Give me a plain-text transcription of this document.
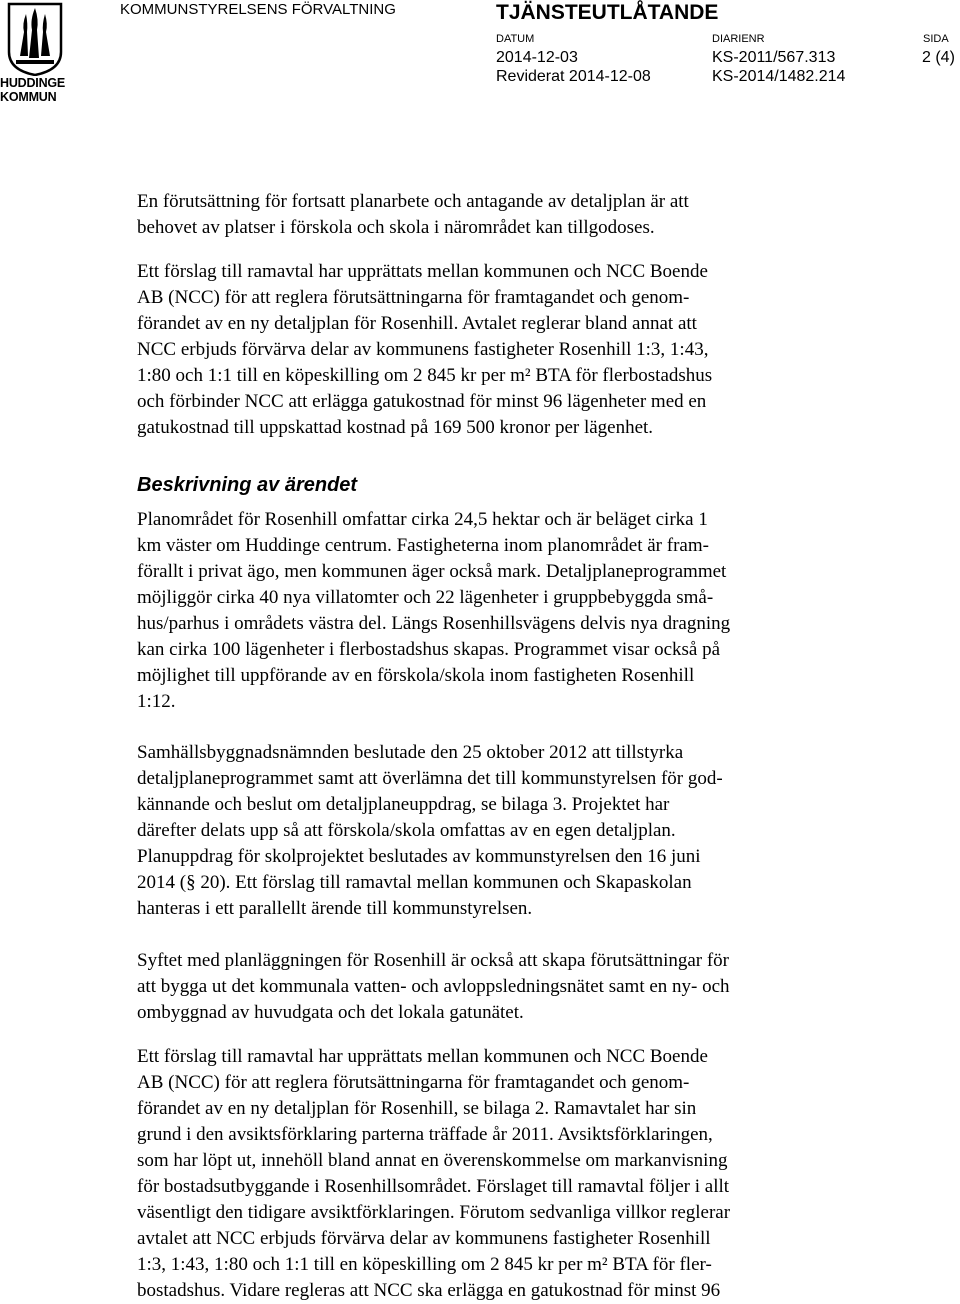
HUDDINGE
KOMMUN
KOMMUNSTYRELSENS FÖRVALTNING	TJÄNSTEUTLÅTANDE
DATUM
2014-12-03
Reviderat 2014-12-08
DIARIENR
KS-2011/567.313
KS-2014/1482.214
SIDA
2 (4)
En förutsättning för fortsatt planarbete och antagande av detaljplan är att
behovet av platser i förskola och skola i närområdet kan tillgodoses.
Ett förslag till ramavtal har upprättats mellan kommunen och NCC Boende
AB (NCC) för att reglera förutsättningarna för framtagandet och genom-
förandet av en ny detaljplan för Rosenhill. Avtalet reglerar bland annat att
NCC erbjuds förvärva delar av kommunens fastigheter Rosenhill 1:3, 1:43,
1:80 och 1:1 till en köpeskilling om 2 845 kr per m² BTA för flerbostadshus
och förbinder NCC att erlägga gatukostnad för minst 96 lägenheter med en
gatukostnad till uppskattad kostnad på 169 500 kronor per lägenhet.
Beskrivning av ärendet
Planområdet för Rosenhill omfattar cirka 24,5 hektar och är beläget cirka 1
km väster om Huddinge centrum. Fastigheterna inom planområdet är fram-
förallt i privat ägo, men kommunen äger också mark. Detaljplaneprogrammet
möjliggör cirka 40 nya villatomter och 22 lägenheter i gruppbebyggda små-
hus/parhus i områdets västra del. Längs Rosenhillsvägens delvis nya dragning
kan cirka 100 lägenheter i flerbostadshus skapas. Programmet visar också på
möjlighet till uppförande av en förskola/skola inom fastigheten Rosenhill
1:12.
Samhällsbyggnadsnämnden beslutade den 25 oktober 2012 att tillstyrka
detaljplaneprogrammet samt att överlämna det till kommunstyrelsen för god-
kännande och beslut om detaljplaneuppdrag, se bilaga 3. Projektet har
därefter delats upp så att förskola/skola omfattas av en egen detaljplan.
Planuppdrag för skolprojektet beslutades av kommunstyrelsen den 16 juni
2014 (§ 20). Ett förslag till ramavtal mellan kommunen och Skapaskolan
hanteras i ett parallellt ärende till kommunstyrelsen.
Syftet med planläggningen för Rosenhill är också att skapa förutsättningar för
att bygga ut det kommunala vatten- och avloppsledningsnätet samt en ny- och
ombyggnad av huvudgata och det lokala gatunätet.
Ett förslag till ramavtal har upprättats mellan kommunen och NCC Boende
AB (NCC) för att reglera förutsättningarna för framtagandet och genom-
förandet av en ny detaljplan för Rosenhill, se bilaga 2. Ramavtalet har sin
grund i den avsiktsförklaring parterna träffade år 2011. Avsiktsförklaringen,
som har löpt ut, innehöll bland annat en överenskommelse om markanvisning
för bostadsutbyggande i Rosenhillsområdet. Förslaget till ramavtal följer i allt
väsentligt den tidigare avsiktförklaringen. Förutom sedvanliga villkor reglerar
avtalet att NCC erbjuds förvärva delar av kommunens fastigheter Rosenhill
1:3, 1:43, 1:80 och 1:1 till en köpeskilling om 2 845 kr per m² BTA för fler-
bostadshus. Vidare regleras att NCC ska erlägga en gatukostnad för minst 96
